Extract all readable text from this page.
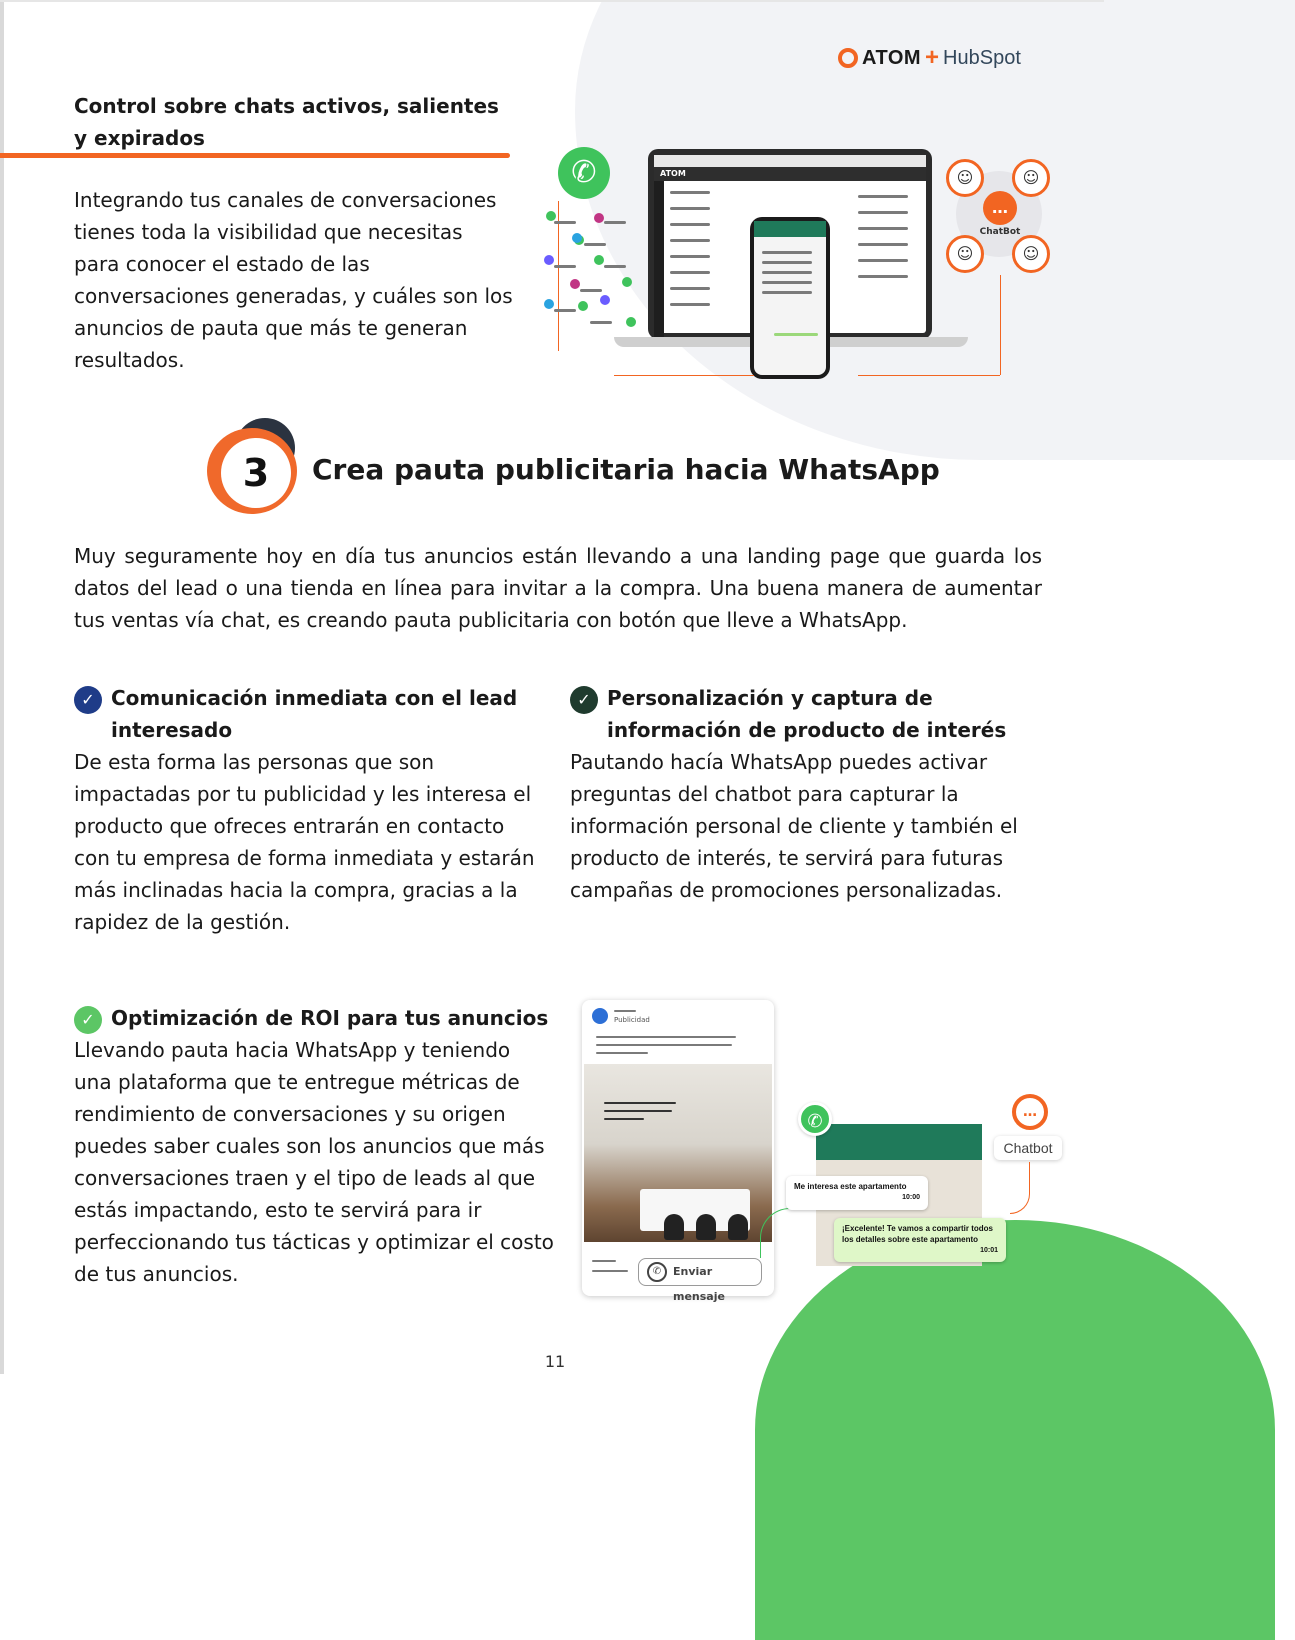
ATOM + HubSpot
Control sobre chats activos, salientes y expirados

Integrando tus canales de conversaciones tienes toda la visibilidad que necesitas para conocer el estado de las conversaciones generadas, y cuáles son los anuncios de pauta que más te generan resultados.

✆	ATOM	☺	☺
☺	☺
…
ChatBot
3	Crea pauta publicitaria hacia WhatsApp

Muy seguramente hoy en día tus anuncios están llevando a una landing page que guarda los datos del lead o una tienda en línea para invitar a la compra. Una buena manera de aumentar tus ventas vía chat, es creando pauta publicitaria con botón que lleve a WhatsApp.

✓ Comunicación inmediata con el lead interesado
De esta forma las personas que son impactadas por tu publicidad y les interesa el producto que ofreces entrarán en contacto con tu empresa de forma inmediata y estarán más inclinadas hacia la compra, gracias a la rapidez de la gestión.
✓ Personalización y captura de información de producto de interés
Pautando hacía WhatsApp puedes activar preguntas del chatbot para capturar la información personal de cliente y también el producto de interés, te servirá para futuras campañas de promociones personalizadas.
✓ Optimización de ROI para tus anuncios
Llevando pauta hacia WhatsApp y teniendo una plataforma que te entregue métricas de rendimiento de conversaciones y su origen puedes saber cuales son los anuncios que más conversaciones traen y el tipo de leads al que estás impactando, esto te servirá para ir perfeccionando tus tácticas y optimizar el costo de tus anuncios.
Publicidad
✆	Enviar mensaje
✆
Me interesa este apartamento
10:00
¡Excelente! Te vamos a compartir todos los detalles sobre este apartamento
10:01
…
Chatbot
11
